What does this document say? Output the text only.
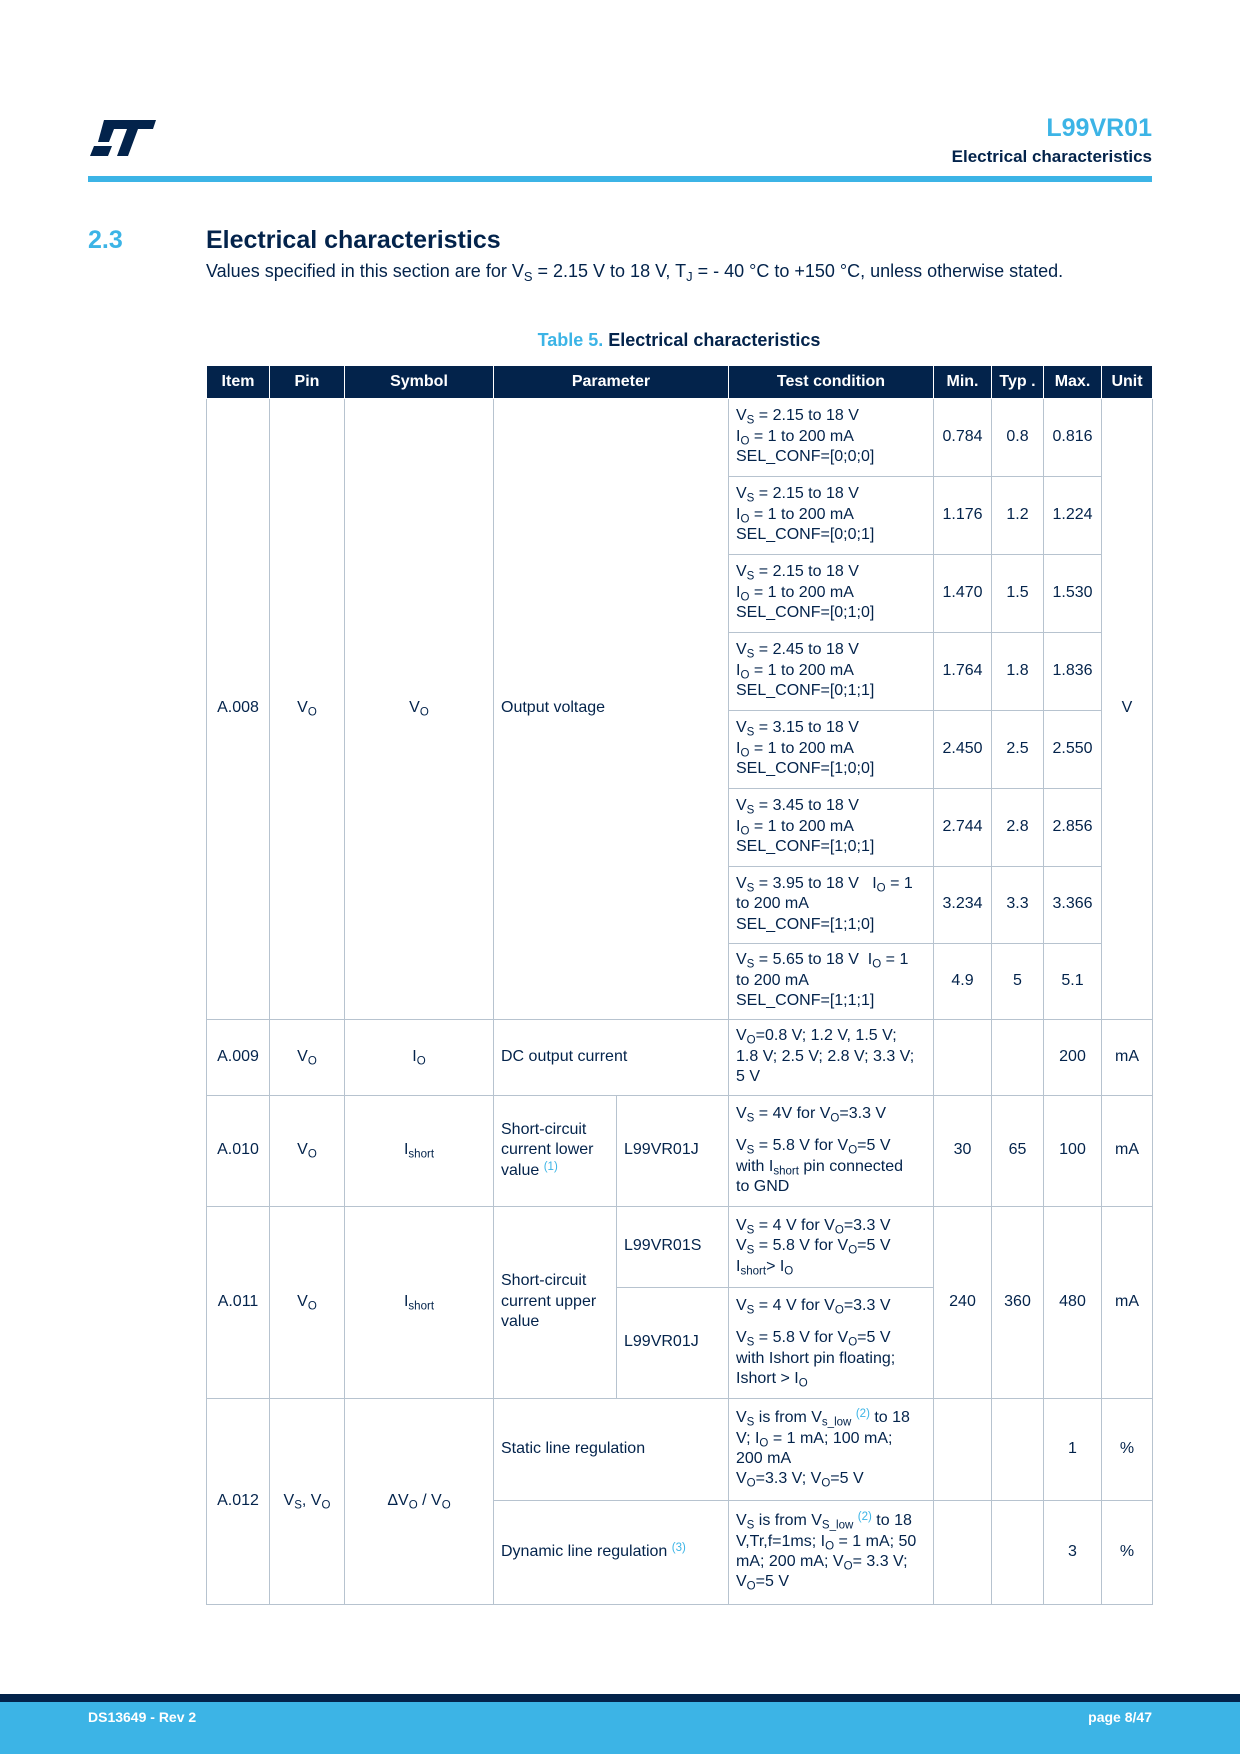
ST	L99VR01
Electrical characteristics
2.3	Electrical characteristics
Values specified in this section are for $V_S = 2.15$ V to 18 V, $T_J$ = - 40 °C to +150 °C, unless otherwise stated.
Table 5. Electrical characteristics
Item	Pin	Symbol	Parameter		Test condition	Min.	Typ .	Max.	Unit
A.008	$V_O$	$V_O$	Output voltage		$V_S = 2.15$ to 18 V
$I_O = 1$ to 200 mA
SEL_CONF=[0;0;0]	0.784	0.8	0.816	V
					$V_S = 2.15$ to 18 V
$I_O = 1$ to 200 mA
SEL_CONF=[0;0;1]	1.176	1.2	1.224	
					$V_S = 2.15$ to 18 V
$I_O = 1$ to 200 mA
SEL_CONF=[0;1;0]	1.470	1.5	1.530	
					$V_S = 2.45$ to 18 V
$I_O = 1$ to 200 mA
SEL_CONF=[0;1;1]	1.764	1.8	1.836	
					$V_S = 3.15$ to 18 V
$I_O = 1$ to 200 mA
SEL_CONF=[1;0;0]	2.450	2.5	2.550	
					$V_S = 3.45$ to 18 V
$I_O = 1$ to 200 mA
SEL_CONF=[1;0;1]	2.744	2.8	2.856	
					$V_S = 3.95$ to 18 V   $I_O = 1$
to 200 mA
SEL_CONF=[1;1;0]	3.234	3.3	3.366	
					$V_S = 5.65$ to 18 V  $I_O = 1$
to 200 mA
SEL_CONF=[1;1;1]	4.9	5	5.1	
A.009	$V_O$	$I_O$	DC output current		$V_O=0.8$ V; 1.2 V, 1.5 V;
1.8 V; 2.5 V; 2.8 V; 3.3 V;
5 V			200	mA
A.010	$V_O$	$I_{short}$	Short-circuit current lower value $^{(1)}$	L99VR01J	$V_S = 4V$ for $V_O=3.3$ V

$V_S = 5.8$ V for $V_O=5$ V
with $I_{short}$ pin connected
to GND	30	65	100	mA
A.011	$V_O$	$I_{short}$	Short-circuit current upper value	L99VR01S	$V_S = 4$ V for $V_O=3.3$ V
$V_S = 5.8$ V for $V_O=5$ V
$I_{short}> I_O$	240	360	480	mA
				L99VR01J	$V_S = 4$ V for $V_O=3.3$ V

$V_S = 5.8$ V for $V_O=5$ V
with Ishort pin floating;
Ishort > $I_O$

A.012	$V_S$, $V_O$	$\Delta V_O / V_O$	Static line regulation		$V_S$ is from $V_{s\_low}$ $^{(2)}$ to 18
V; $I_O = 1$ mA; 100 mA;
200 mA
$V_O=3.3$ V; $V_O=5$ V			1	%
			Dynamic line regulation $^{(3)}$		$V_S$ is from $V_{S\_low}$ $^{(2)}$ to 18
V,Tr,f=1ms; $I_O = 1$ mA; 50
mA; 200 mA; $V_O= 3.3$ V;
$V_O=5$ V			3	%
DS13649 - Rev 2	page 8/47
